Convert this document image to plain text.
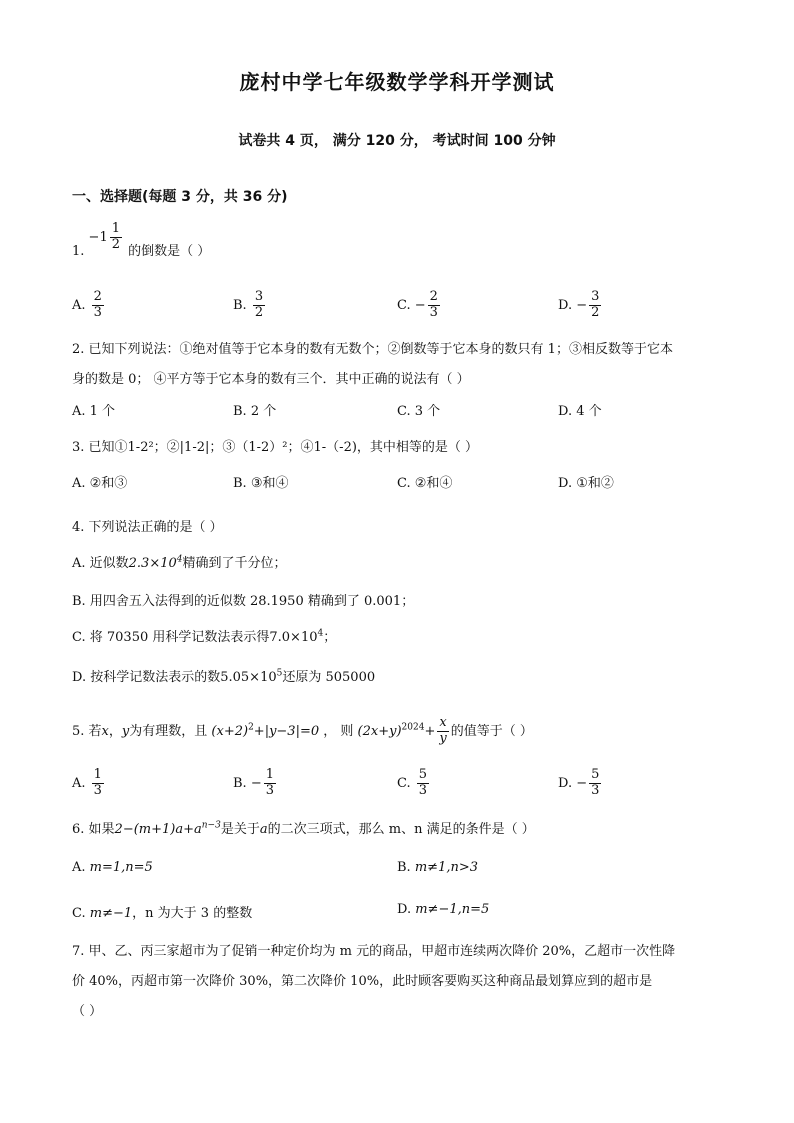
庞村中学七年级数学学科开学测试
试卷共 4 页， 满分 120 分， 考试时间 100 分钟
一、选择题(每题 3 分，共 36 分)
1. $-1 \frac{1}{2}$ 的倒数是（ ）
A. $\frac{2}{3}$	B. $\frac{3}{2}$	C. − $\frac{2}{3}$	D. − $\frac{3}{2}$
2. 已知下列说法：①绝对值等于它本身的数有无数个；②倒数等于它本身的数只有 1；③相反数等于它本
身的数是 0； ④平方等于它本身的数有三个．其中正确的说法有（ ）
A. 1 个	B. 2 个	C. 3 个	D. 4 个
3. 已知①1-2²；②|1-2|；③（1-2）²；④1-（-2)，其中相等的是（ ）
A. ②和③	B. ③和④	C. ②和④	D. ①和②
4. 下列说法正确的是（ ）
A. 近似数$2.3\times 10^4$精确到了千分位；
B. 用四舍五入法得到的近似数 28.1950 精确到了 0.001；
C. 将 70350 用科学记数法表示得$7.0\times 10^4$；
D. 按科学记数法表示的数$5.05\times 10^5$还原为 505000
5. 若x，y为有理数，且 $(x+2)^2+|y-3|=0$ ， 则 $(2x+y)^{2024}+ \frac{x}{y}$ 的值等于（ ）
A. $\frac{1}{3}$	B. − $\frac{1}{3}$	C. $\frac{5}{3}$	D. − $\frac{5}{3}$
6. 如果$2-(m+1)a+a^{n-3}$是关于a的二次三项式，那么 m、n 满足的条件是（ ）
A. m=1,n=5	B. m≠1,n>3
C. m≠−1，n 为大于 3 的整数	D. m≠−1,n=5
7. 甲、乙、丙三家超市为了促销一种定价均为 m 元的商品，甲超市连续两次降价 20%，乙超市一次性降
价 40%，丙超市第一次降价 30%，第二次降价 10%，此时顾客要购买这种商品最划算应到的超市是
（ ）
